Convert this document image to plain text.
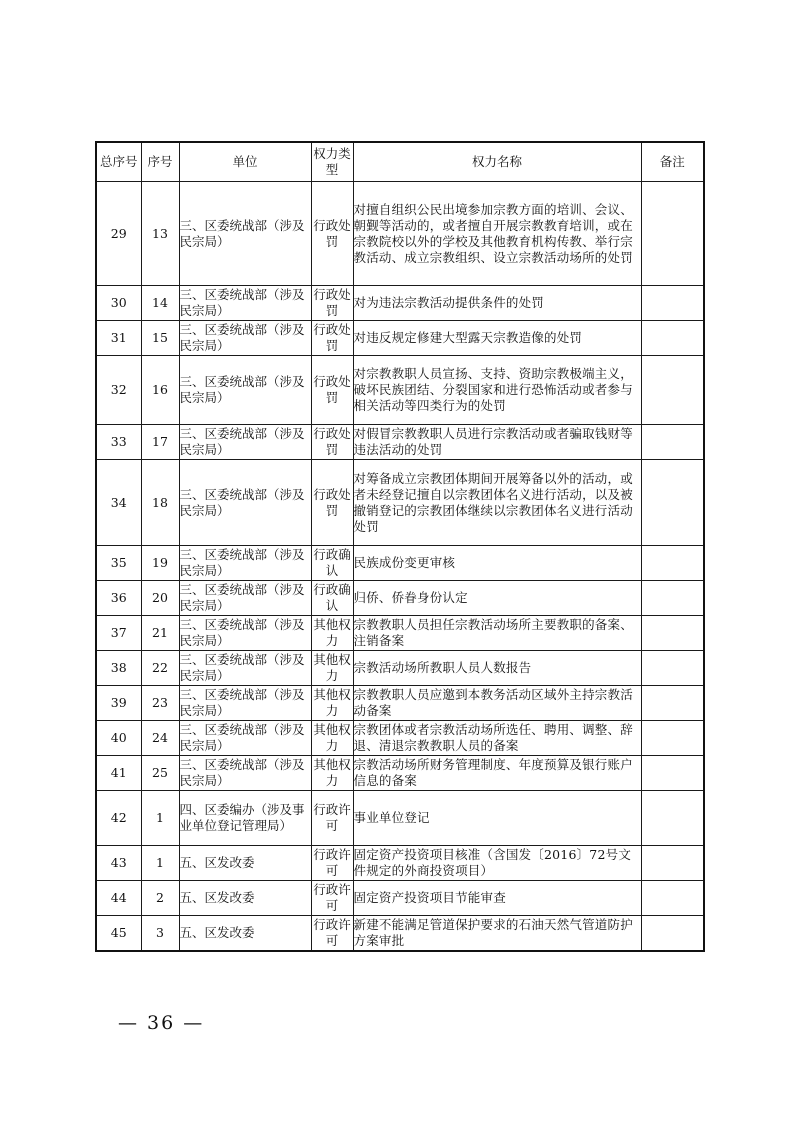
总序号	序号	单位	权力类型	权力名称	备注
29	13	三、区委统战部（涉及民宗局）	行政处罚	对擅自组织公民出境参加宗教方面的培训、会议、朝觐等活动的，或者擅自开展宗教教育培训，或在宗教院校以外的学校及其他教育机构传教、举行宗教活动、成立宗教组织、设立宗教活动场所的处罚	
30	14	三、区委统战部（涉及民宗局）	行政处罚	对为违法宗教活动提供条件的处罚	
31	15	三、区委统战部（涉及民宗局）	行政处罚	对违反规定修建大型露天宗教造像的处罚	
32	16	三、区委统战部（涉及民宗局）	行政处罚	对宗教教职人员宣扬、支持、资助宗教极端主义，破坏民族团结、分裂国家和进行恐怖活动或者参与相关活动等四类行为的处罚	
33	17	三、区委统战部（涉及民宗局）	行政处罚	对假冒宗教教职人员进行宗教活动或者骗取钱财等违法活动的处罚	
34	18	三、区委统战部（涉及民宗局）	行政处罚	对筹备成立宗教团体期间开展筹备以外的活动，或者未经登记擅自以宗教团体名义进行活动，以及被撤销登记的宗教团体继续以宗教团体名义进行活动处罚	
35	19	三、区委统战部（涉及民宗局）	行政确认	民族成份变更审核	
36	20	三、区委统战部（涉及民宗局）	行政确认	归侨、侨眷身份认定	
37	21	三、区委统战部（涉及民宗局）	其他权力	宗教教职人员担任宗教活动场所主要教职的备案、注销备案	
38	22	三、区委统战部（涉及民宗局）	其他权力	宗教活动场所教职人员人数报告	
39	23	三、区委统战部（涉及民宗局）	其他权力	宗教教职人员应邀到本教务活动区域外主持宗教活动备案	
40	24	三、区委统战部（涉及民宗局）	其他权力	宗教团体或者宗教活动场所选任、聘用、调整、辞退、清退宗教教职人员的备案	
41	25	三、区委统战部（涉及民宗局）	其他权力	宗教活动场所财务管理制度、年度预算及银行账户信息的备案	
42	1	四、区委编办（涉及事业单位登记管理局）	行政许可	事业单位登记	
43	1	五、区发改委	行政许可	固定资产投资项目核准（含国发〔2016〕72号文件规定的外商投资项目）	
44	2	五、区发改委	行政许可	固定资产投资项目节能审查	
45	3	五、区发改委	行政许可	新建不能满足管道保护要求的石油天然气管道防护方案审批	
— 36 —
